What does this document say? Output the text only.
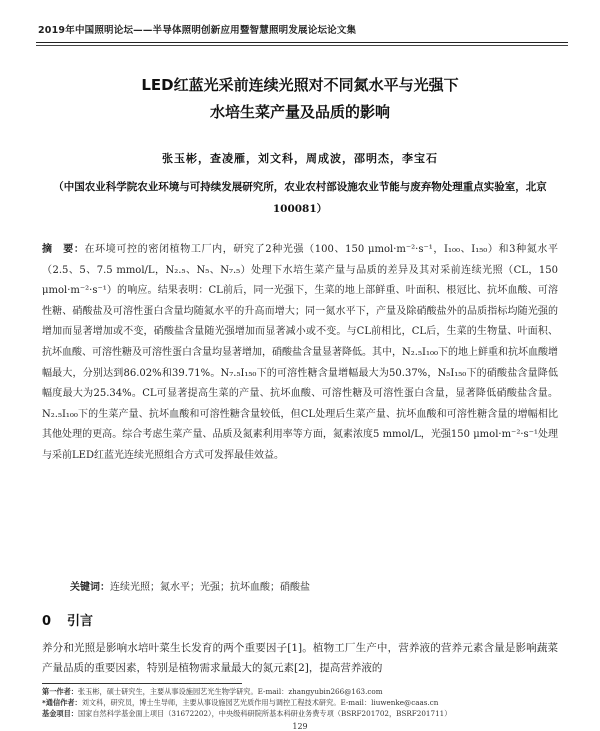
2019年中国照明论坛——半导体照明创新应用暨智慧照明发展论坛论文集
LED红蓝光采前连续光照对不同氮水平与光强下
水培生菜产量及品质的影响
张玉彬，查凌雁，刘文科，周成波，邵明杰，李宝石
（中国农业科学院农业环境与可持续发展研究所，农业农村部设施农业节能与废弃物处理重点实验室，北京 100081）
摘　要：在环境可控的密闭植物工厂内，研究了2种光强（100、150 μmol·m⁻²·s⁻¹，I₁₀₀、I₁₅₀）和3种氮水平（2.5、5、7.5 mmol/L，N₂.₅、N₅、N₇.₅）处理下水培生菜产量与品质的差异及其对采前连续光照（CL，150 μmol·m⁻²·s⁻¹）的响应。结果表明：CL前后，同一光强下，生菜的地上部鲜重、叶面积、根冠比、抗坏血酸、可溶性糖、硝酸盐及可溶性蛋白含量均随氮水平的升高而增大；同一氮水平下，产量及除硝酸盐外的品质指标均随光强的增加而显著增加或不变，硝酸盐含量随光强增加而显著减小或不变。与CL前相比，CL后，生菜的生物量、叶面积、抗坏血酸、可溶性糖及可溶性蛋白含量均显著增加，硝酸盐含量显著降低。其中，N₂.₅I₁₀₀下的地上鲜重和抗坏血酸增幅最大，分别达到86.02%和39.71%。N₇.₅I₁₅₀下的可溶性糖含量增幅最大为50.37%，N₅I₁₅₀下的硝酸盐含量降低幅度最大为25.34%。CL可显著提高生菜的产量、抗坏血酸、可溶性糖及可溶性蛋白含量，显著降低硝酸盐含量。N₂.₅I₁₀₀下的生菜产量、抗坏血酸和可溶性糖含量较低，但CL处理后生菜产量、抗坏血酸和可溶性糖含量的增幅相比其他处理的更高。综合考虑生菜产量、品质及氮素利用率等方面，氮素浓度5 mmol/L，光强150 μmol·m⁻²·s⁻¹处理与采前LED红蓝光连续光照组合方式可发挥最佳效益。
关键词：连续光照；氮水平；光强；抗坏血酸；硝酸盐
0 引言
养分和光照是影响水培叶菜生长发育的两个重要因子[1]。植物工厂生产中，营养液的营养元素含量是影响蔬菜产量品质的重要因素，特别是植物需求量最大的氮元素[2]，提高营养液的
第一作者：张玉彬，硕士研究生，主要从事设施园艺光生物学研究。E-mail：zhangyubin266@163.com
*通信作者：刘文科，研究员，博士生导师，主要从事设施园艺光质作用与调控工程技术研究。E-mail：liuwenke@caas.cn
基金项目：国家自然科学基金面上项目（31672202），中央级科研院所基本科研业务费专项（BSRF201702，BSRF201711）
129
